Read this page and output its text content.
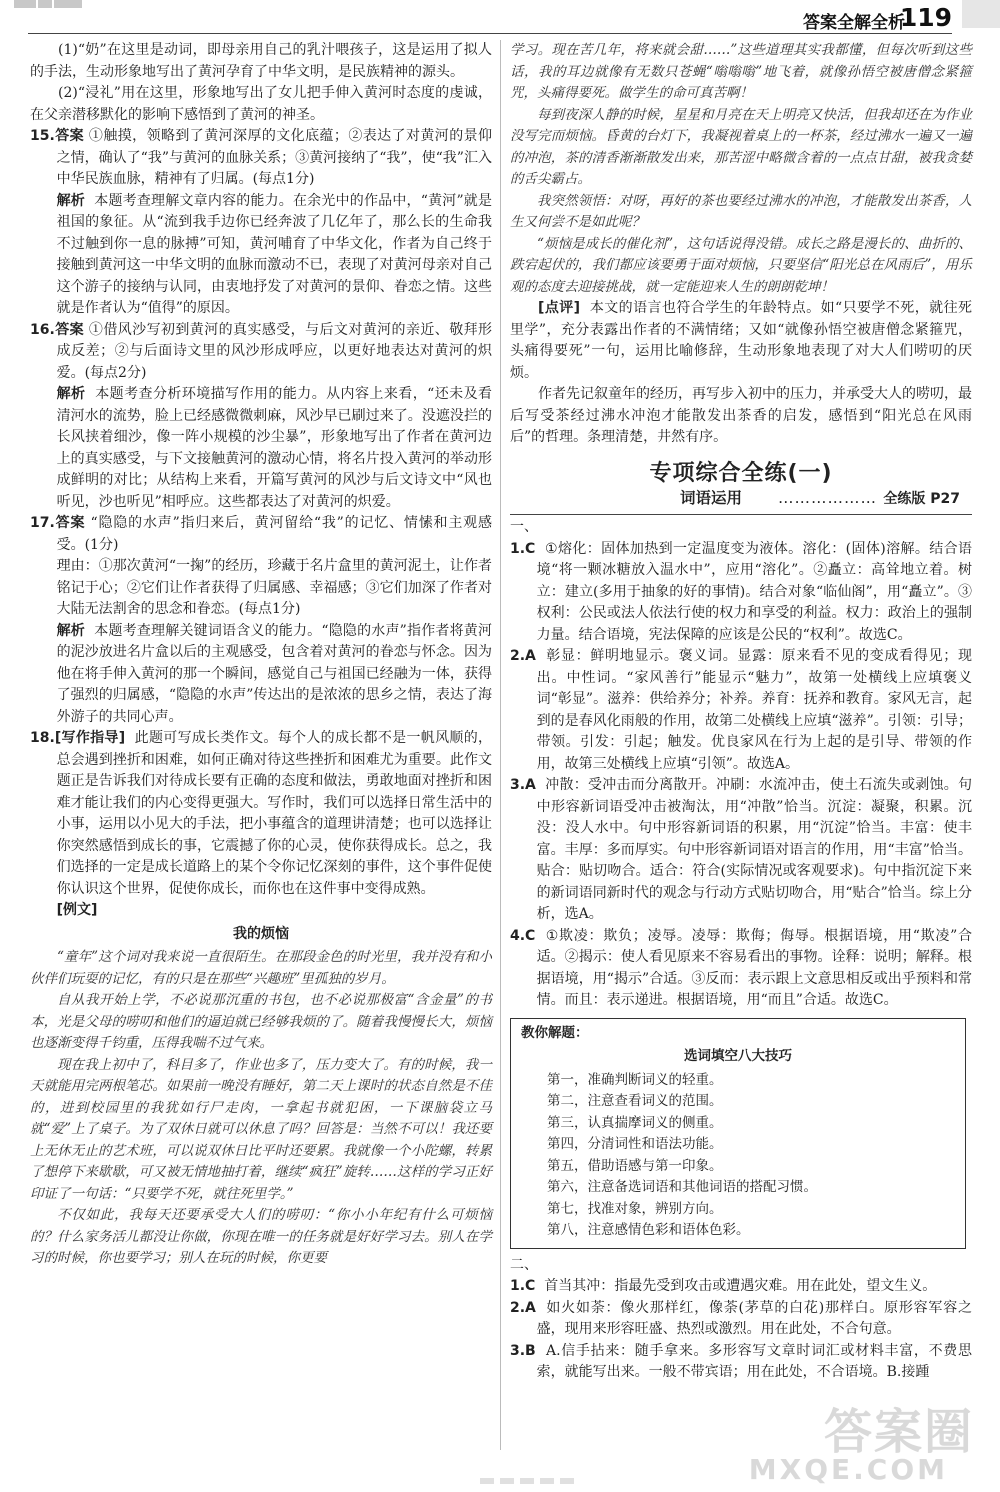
答案全解全析
119

(1)“奶”在这里是动词，即母亲用自己的乳汁喂孩子，这是运用了拟人的手法，生动形象地写出了黄河孕育了中华文明，是民族精神的源头。

(2)“浸礼”用在这里，形象地写出了女儿把手伸入黄河时态度的虔诚，在父亲潜移默化的影响下感悟到了黄河的神圣。

15.答案 ①触摸，领略到了黄河深厚的文化底蕴；②表达了对黄河的景仰之情，确认了“我”与黄河的血脉关系；③黄河接纳了“我”，使“我”汇入中华民族血脉，精神有了归属。(每点1分)

解析 本题考查理解文章内容的能力。在余光中的作品中，“黄河”就是祖国的象征。从“流到我手边你已经奔波了几亿年了，那么长的生命我不过触到你一息的脉搏”可知，黄河哺育了中华文化，作者为自己终于接触到黄河这一中华文明的血脉而激动不已，表现了对黄河母亲对自己这个游子的接纳与认同，由衷地抒发了对黄河的景仰、眷恋之情。这些就是作者认为“值得”的原因。

16.答案 ①借风沙写初到黄河的真实感受，与后文对黄河的亲近、敬拜形成反差；②与后面诗文里的风沙形成呼应，以更好地表达对黄河的炽爱。(每点2分)

解析 本题考查分析环境描写作用的能力。从内容上来看，“还未及看清河水的流势，脸上已经感微微刺麻，风沙早已刷过来了。没遮没拦的长风挟着细沙，像一阵小规模的沙尘暴”，形象地写出了作者在黄河边上的真实感受，与下文接触黄河的激动心情，将名片投入黄河的举动形成鲜明的对比；从结构上来看，开篇写黄河的风沙与后文诗文中“风也听见，沙也听见”相呼应。这些都表达了对黄河的炽爱。

17.答案 “隐隐的水声”指归来后，黄河留给“我”的记忆、情愫和主观感受。(1分)

理由：①那次黄河“一掬”的经历，珍藏于名片盒里的黄河泥土，让作者铭记于心；②它们让作者获得了归属感、幸福感；③它们加深了作者对大陆无法割舍的思念和眷恋。(每点1分)

解析 本题考查理解关键词语含义的能力。“隐隐的水声”指作者将黄河的泥沙放进名片盒以后的主观感受，包含着对黄河的眷恋与怀念。因为他在将手伸入黄河的那一个瞬间，感觉自己与祖国已经融为一体，获得了强烈的归属感，“隐隐的水声”传达出的是浓浓的思乡之情，表达了海外游子的共同心声。

18.[写作指导] 此题可写成长类作文。每个人的成长都不是一帆风顺的，总会遇到挫折和困难，如何正确对待这些挫折和困难尤为重要。此作文题正是告诉我们对待成长要有正确的态度和做法，勇敢地面对挫折和困难才能让我们的内心变得更强大。写作时，我们可以选择日常生活中的小事，运用以小见大的手法，把小事蕴含的道理讲清楚；也可以选择让你突然感悟到成长的事，它震撼了你的心灵，使你获得成长。总之，我们选择的一定是成长道路上的某个令你记忆深刻的事件，这个事件促使你认识这个世界，促使你成长，而你也在这件事中变得成熟。

[例文]

我的烦恼

“童年”这个词对我来说一直很陌生。在那段金色的时光里，我并没有和小伙伴们玩耍的记忆，有的只是在那些“兴趣班”里孤独的岁月。

自从我开始上学，不必说那沉重的书包，也不必说那极富“含金量”的书本，光是父母的唠叨和他们的逼迫就已经够我烦的了。随着我慢慢长大，烦恼也逐渐变得千钧重，压得我喘不过气来。

现在我上初中了，科目多了，作业也多了，压力变大了。有的时候，我一天就能用完两根笔芯。如果前一晚没有睡好，第二天上课时的状态自然是不佳的，进到校园里的我犹如行尸走肉，一拿起书就犯困，一下课脑袋立马就“爱”上了桌子。为了双休日就可以休息了吗？回答是：当然不可以！我还要上无休无止的艺术班，可以说双休日比平时还要累。我就像一个小陀螺，转累了想停下来歇歇，可又被无情地抽打着，继续“疯狂”旋转……这样的学习正好印证了一句话：“只要学不死，就往死里学。”

不仅如此，我每天还要承受大人们的唠叨：“你小小年纪有什么可烦恼的？什么家务活儿都没让你做，你现在唯一的任务就是好好学习去。别人在学习的时候，你也要学习；别人在玩的时候，你更要

学习。现在苦几年，将来就会甜……”这些道理其实我都懂，但每次听到这些话，我的耳边就像有无数只苍蝇“嗡嗡嗡”地飞着，就像孙悟空被唐僧念紧箍咒，头痛得要死。做学生的命可真苦啊！

每到夜深人静的时候，星星和月亮在天上明亮又快活，但我却还在为作业没写完而烦恼。昏黄的台灯下，我凝视着桌上的一杯茶，经过沸水一遍又一遍的冲泡，茶的清香渐渐散发出来，那苦涩中略微含着的一点点甘甜，被我贪婪的舌尖霸占。

我突然领悟：对呀，再好的茶也要经过沸水的冲泡，才能散发出茶香，人生又何尝不是如此呢？

“烦恼是成长的催化剂”，这句话说得没错。成长之路是漫长的、曲折的、跌宕起伏的，我们都应该要勇于面对烦恼，只要坚信“阳光总在风雨后”，用乐观的态度去迎接挑战，就一定能迎来人生的朗朗乾坤！

[点评] 本文的语言也符合学生的年龄特点。如“只要学不死，就往死里学”，充分表露出作者的不满情绪；又如“就像孙悟空被唐僧念紧箍咒，头痛得要死”一句，运用比喻修辞，生动形象地表现了对大人们唠叨的厌烦。

作者先记叙童年的经历，再写步入初中的压力，并承受大人的唠叨，最后写受茶经过沸水冲泡才能散发出茶香的启发，感悟到“阳光总在风雨后”的哲理。条理清楚，井然有序。

专项综合全练(一)
词语运用 ……………… 全练版 P27

一、

1.C ①熔化：固体加热到一定温度变为液体。溶化：(固体)溶解。结合语境“将一颗冰糖放入温水中”，应用“溶化”。②矗立：高耸地立着。树立：建立(多用于抽象的好的事情)。结合对象“临仙阁”，用“矗立”。③权利：公民或法人依法行使的权力和享受的利益。权力：政治上的强制力量。结合语境，宪法保障的应该是公民的“权利”。故选C。

2.A 彰显：鲜明地显示。褒义词。显露：原来看不见的变成看得见；现出。中性词。“家风善行”能显示“魅力”，故第一处横线上应填褒义词“彰显”。滋养：供给养分；补养。养育：抚养和教育。家风无言，起到的是春风化雨般的作用，故第二处横线上应填“滋养”。引领：引导；带领。引发：引起；触发。优良家风在行为上起的是引导、带领的作用，故第三处横线上应填“引领”。故选A。

3.A 冲散：受冲击而分离散开。冲刷：水流冲击，使土石流失或剥蚀。句中形容新词语受冲击被淘汰，用“冲散”恰当。沉淀：凝聚，积累。沉没：没人水中。句中形容新词语的积累，用“沉淀”恰当。丰富：使丰富。丰厚：多而厚实。句中形容新词语对语言的作用，用“丰富”恰当。贴合：贴切吻合。适合：符合(实际情况或客观要求)。句中指沉淀下来的新词语同新时代的观念与行动方式贴切吻合，用“贴合”恰当。综上分析，选A。

4.C ①欺凌：欺负；凌辱。凌辱：欺侮；侮辱。根据语境，用“欺凌”合适。②揭示：使人看见原来不容易看出的事物。诠释：说明；解释。根据语境，用“揭示”合适。③反而：表示跟上文意思相反或出乎预料和常情。而且：表示递进。根据语境，用“而且”合适。故选C。

教你解题：
选词填空八大技巧
第一，准确判断词义的轻重。
第二，注意查看词义的范围。
第三，认真揣摩词义的侧重。
第四，分清词性和语法功能。
第五，借助语感与第一印象。
第六，注意备选词语和其他词语的搭配习惯。
第七，找准对象，辨别方向。
第八，注意感情色彩和语体色彩。

二、

1.C 首当其冲：指最先受到攻击或遭遇灾难。用在此处，望文生义。

2.A 如火如荼：像火那样红，像荼(茅草的白花)那样白。原形容军容之盛，现用来形容旺盛、热烈或激烈。用在此处，不合句意。

3.B A.信手拈来：随手拿来。多形容写文章时词汇或材料丰富，不费思索，就能写出来。一般不带宾语；用在此处，不合语境。B.接踵

答案圈
MXQE.COM
